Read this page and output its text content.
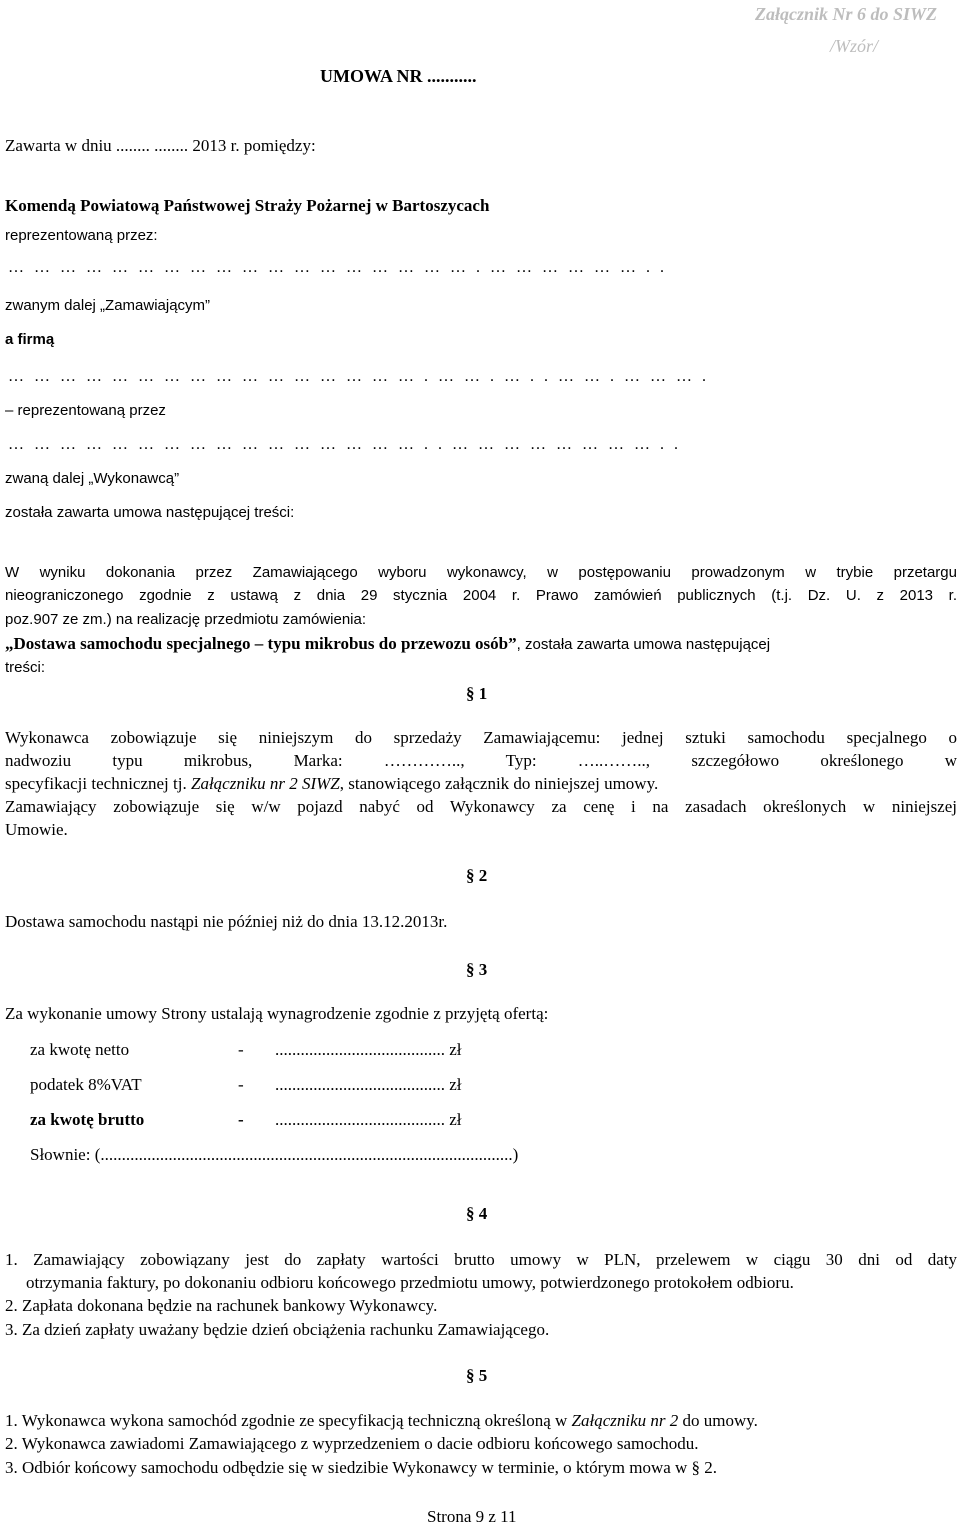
Załącznik Nr 6 do SIWZ
/Wzór/
UMOWA NR ...........
Zawarta w dniu ........ ........ 2013 r. pomiędzy:
Komendą Powiatową Państwowej Straży Pożarnej w Bartoszycach
reprezentowaną przez:
……………………………………………….………………..
zwanym dalej „Zamawiającym”
a firmą
………………………………………….…….…..…….……….
– reprezentowaną przez
…………………………………………..……………………..
zwaną dalej „Wykonawcą”
została zawarta umowa następującej treści:
W wyniku dokonania przez Zamawiającego wyboru wykonawcy, w postępowaniu prowadzonym w trybie przetargu
nieograniczonego zgodnie z ustawą z dnia 29 stycznia 2004 r. Prawo zamówień publicznych (t.j. Dz. U. z 2013 r.
poz.907 ze zm.) na realizację przedmiotu zamówienia:
„Dostawa samochodu specjalnego – typu mikrobus do przewozu osób”, została zawarta umowa następującej
treści:
§ 1
Wykonawca zobowiązuje się niniejszym do sprzedaży Zamawiającemu: jednej sztuki samochodu specjalnego o
nadwoziu typu mikrobus, Marka: ………….., Typ: …..…….., szczegółowo określonego w
specyfikacji technicznej tj. Załączniku nr 2 SIWZ, stanowiącego załącznik do niniejszej umowy.
Zamawiający zobowiązuje się w/w pojazd nabyć od Wykonawcy za cenę i na zasadach określonych w niniejszej
Umowie.
§ 2
Dostawa samochodu nastąpi nie później niż do dnia 13.12.2013r.
§ 3
Za wykonanie umowy Strony ustalają wynagrodzenie zgodnie z przyjętą ofertą:
za kwotę netto	- ........................................ zł
podatek 8%VAT	- ........................................ zł
za kwotę brutto	- ........................................ zł
Słownie: (.................................................................................................)
§ 4
1. Zamawiający zobowiązany jest do zapłaty wartości brutto umowy w PLN, przelewem w ciągu 30 dni od daty
otrzymania faktury, po dokonaniu odbioru końcowego przedmiotu umowy, potwierdzonego protokołem odbioru.
2. Zapłata dokonana będzie na rachunek bankowy Wykonawcy.
3. Za dzień zapłaty uważany będzie dzień obciążenia rachunku Zamawiającego.
§ 5
1. Wykonawca wykona samochód zgodnie ze specyfikacją techniczną określoną w Załączniku nr 2 do umowy.
2. Wykonawca zawiadomi Zamawiającego z wyprzedzeniem o dacie odbioru końcowego samochodu.
3. Odbiór końcowy samochodu odbędzie się w siedzibie Wykonawcy w terminie, o którym mowa w § 2.
Strona 9 z 11
